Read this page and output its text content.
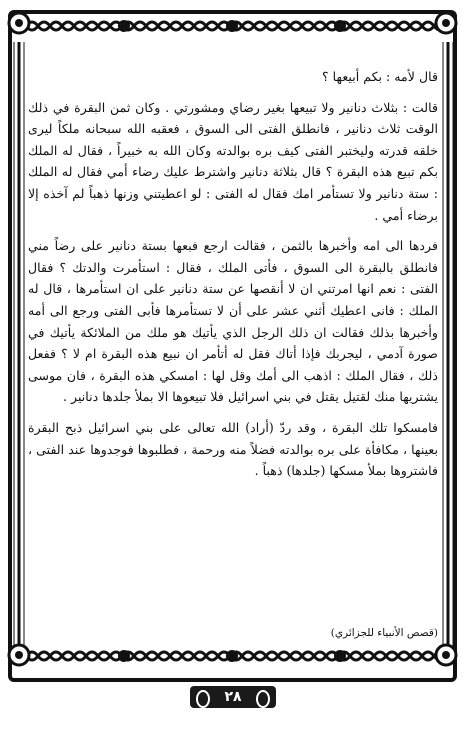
قال لأمه : بكم أبيعها ؟

قالت : بثلاث دنانير ولا تبيعها بغير رضاي ومشورتي . وكان ثمن البقرة في ذلك الوقت ثلاث دنانير ، فانطلق الفتى الى السوق ، فعقبه الله سبحانه ملكاً ليرى خلقه قدرته وليختبر الفتى كيف بره بوالدته وكان الله به خبيراً ، فقال له الملك بكم تبيع هذه البقرة ؟ قال بثلاثة دنانير واشترط عليك رضاء أمي فقال له الملك : ستة دنانير ولا تستأمر امك فقال له الفتى : لو اعطيتني وزنها ذهباً لم آخذه إلا برضاء أمي .

فردها الى امه وأخبرها بالثمن ، فقالت ارجع فبعها بستة دنانير على رضاً مني فانطلق بالبقرة الى السوق ، فأتى الملك ، فقال : استأمرت والدتك ؟ فقال الفتى : نعم انها امرتني ان لا أنقصها عن ستة دنانير على ان استأمرها ، قال له الملك : فانى اعطيك أثني عشر على أن لا تستأمرها فأبى الفتى ورجع الى أمه وأخبرها بذلك فقالت ان ذلك الرجل الذي يأتيك هو ملك من الملائكة يأتيك في صورة آدمي ، ليجربك فإذا أتاك فقل له أتأمر ان نبيع هذه البقرة ام لا ؟ ففعل ذلك ، فقال الملك : اذهب الى أمك وقل لها : امسكي هذه البقرة ، فان موسى يشتريها منك لقتيل يقتل في بني اسرائيل فلا تبيعوها الا بملأ جلدها دنانير .

فامسكوا تلك البقرة ، وقد ردّ (أراد) الله تعالى على بني اسرائيل ذبح البقرة بعينها ، مكافأة على بره بوالدته فضلاً منه ورحمة ، فطلبوها فوجدوها عند الفتى ، فاشتروها بملأ مسكها (جلدها) ذهباً .

(قصص الأنبياء للجزائري)
٢٨
